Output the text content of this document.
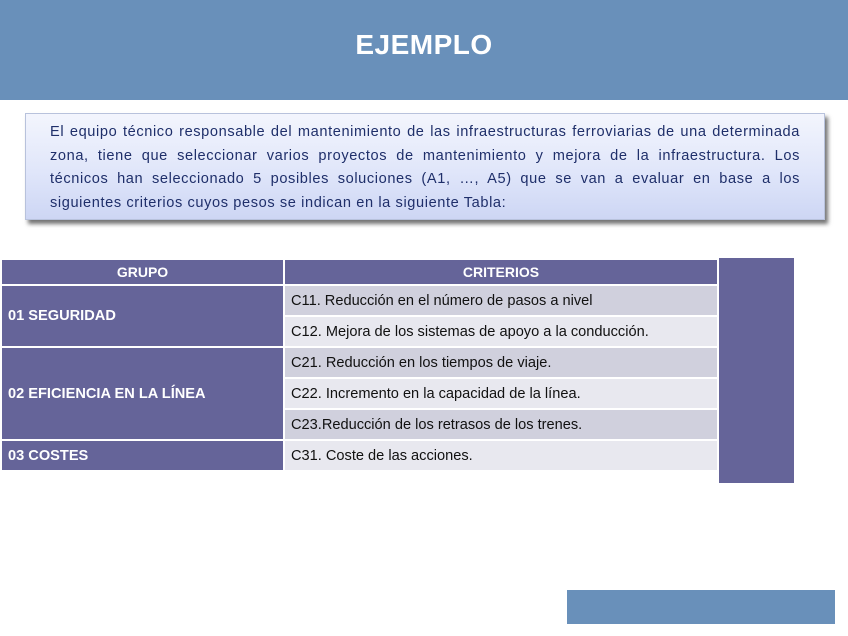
EJEMPLO

El equipo técnico responsable del mantenimiento de las infraestructuras ferroviarias de una determinada zona, tiene que seleccionar varios proyectos de mantenimiento y mejora de la infraestructura. Los técnicos han seleccionado 5 posibles soluciones (A1, …, A5) que se van a evaluar en base a los siguientes criterios cuyos pesos se indican en la siguiente Tabla:

GRUPO	CRITERIOS
01 SEGURIDAD	C11. Reducción en el número de pasos a nivel
	C12. Mejora de los sistemas de apoyo a la conducción.
02 EFICIENCIA EN LA LÍNEA	C21. Reducción en los tiempos de viaje.
	C22. Incremento en la capacidad de la línea.
	C23.Reducción de los retrasos de los trenes.
03 COSTES	C31. Coste de las acciones.
